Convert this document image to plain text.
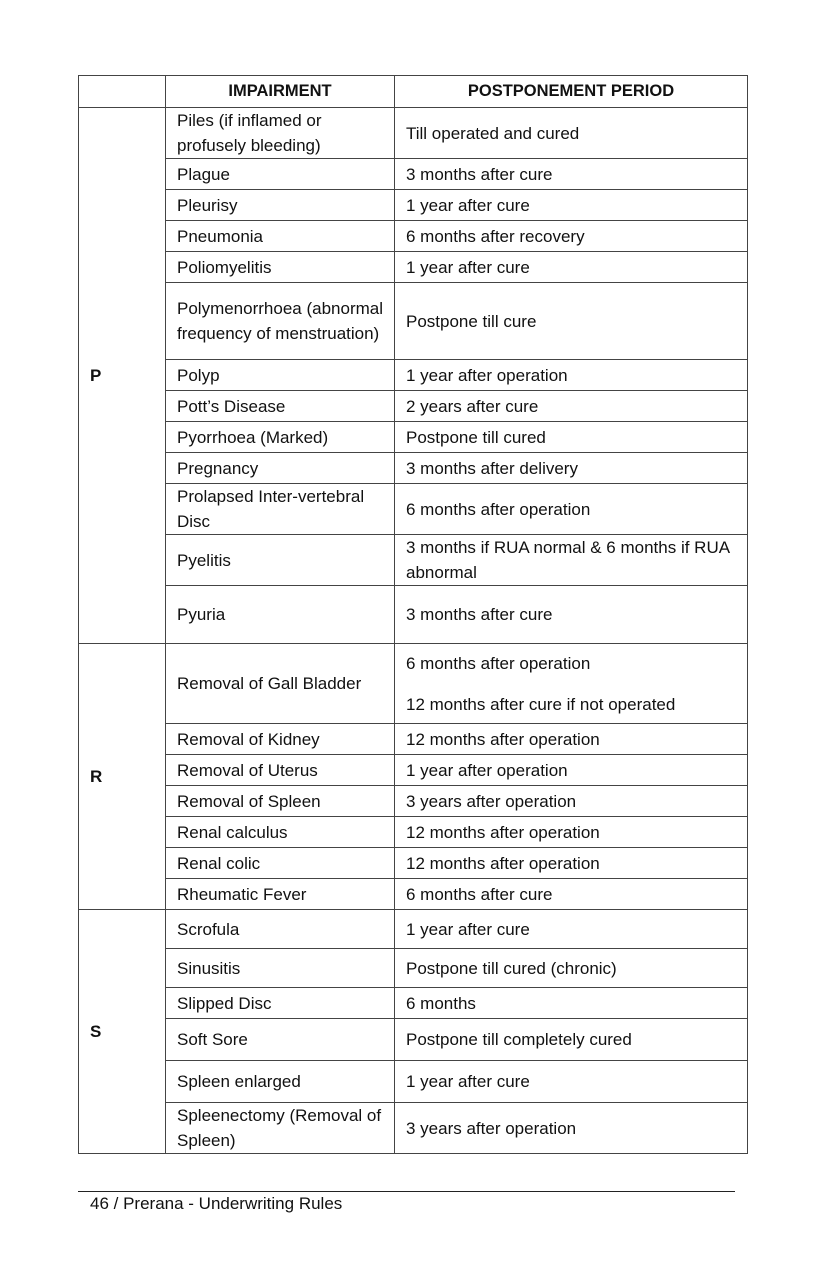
	IMPAIRMENT	POSTPONEMENT PERIOD
P	Piles (if inflamed or profusely bleeding)	Till operated and cured
	Plague	3 months after cure
	Pleurisy	1 year after cure
	Pneumonia	6 months after recovery
	Poliomyelitis	1 year after cure
	Polymenorrhoea (abnormal frequency of menstruation)	Postpone till cure
	Polyp	1 year after operation
	Pott’s Disease	2 years after cure
	Pyorrhoea (Marked)	Postpone till cured
	Pregnancy	3 months after delivery
	Prolapsed Inter-vertebral Disc	6 months after operation
	Pyelitis	3 months if RUA normal & 6 months if RUA abnormal
	Pyuria	3 months after cure
R	Removal of Gall Bladder	6 months after operation
12 months after cure if not operated
	Removal of Kidney	12 months after operation
	Removal of Uterus	1 year after operation
	Removal of Spleen	3 years after operation
	Renal calculus	12 months after operation
	Renal colic	12 months after operation
	Rheumatic Fever	6 months after cure
S	Scrofula	1 year after cure
	Sinusitis	Postpone till cured (chronic)
	Slipped Disc	6 months
	Soft Sore	Postpone till completely cured
	Spleen enlarged	1 year after cure
	Spleenectomy (Removal of Spleen)	3 years after operation
46 / Prerana - Underwriting Rules
